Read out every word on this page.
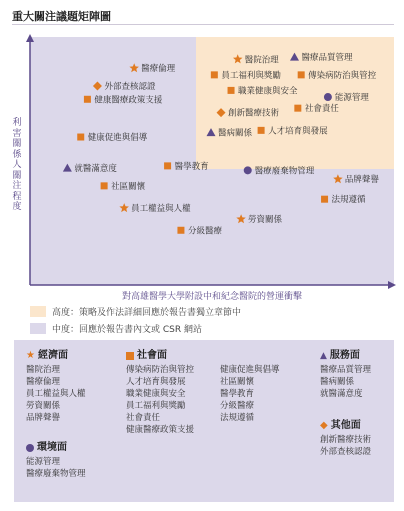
重大關注議題矩陣圖
醫院治理	醫療品質管理
醫療倫理
員工福利與獎勵	傳染病防治與管控
外部查核認證	職業健康與安全
能源管理
健康醫療政策支援
社會責任
創新醫療技術
醫病關係 人才培育與發展
健康促進與倡導
就醫滿意度	醫學教育	醫療廢棄物管理
品牌聲譽
社區關懷
法規遵循
員工權益與人權
勞資關係
分級醫療
利
害
關
係
人
關
注
程
度
對高雄醫學大學附設中和紀念醫院的營運衝擊
高度：策略及作法詳細回應於報告書獨立章節中
中度：回應於報告書內文或 CSR 網站
★ 經濟面
醫院治理
醫療倫理
員工權益與人權
勞資關係
品牌聲譽
環境面
能源管理
醫療廢棄物管理
社會面
傳染病防治與管控
人才培育與發展
職業健康與安全
員工福利與獎勵
社會責任
健康醫療政策支援
健康促進與倡導
社區關懷
醫學教育
分級醫療
法規遵循
▲ 服務面
醫療品質管理
醫病關係
就醫滿意度
◆ 其他面
創新醫療技術
外部查核認證
